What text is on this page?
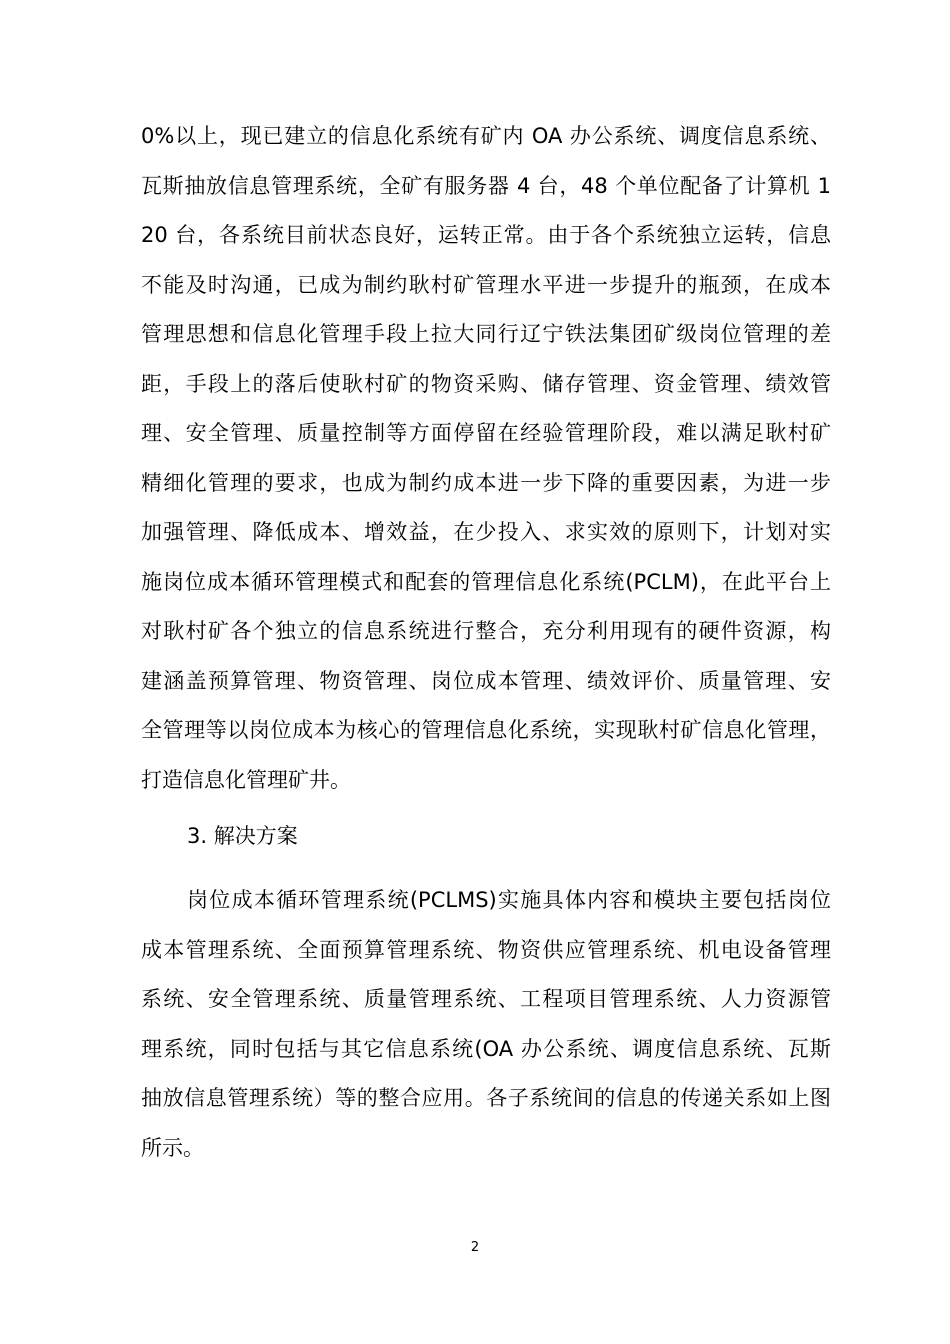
0%以上，现已建立的信息化系统有矿内 OA 办公系统、调度信息系统、
瓦斯抽放信息管理系统，全矿有服务器 4 台，48 个单位配备了计算机 1
20 台，各系统目前状态良好，运转正常。由于各个系统独立运转，信息
不能及时沟通，已成为制约耿村矿管理水平进一步提升的瓶颈，在成本
管理思想和信息化管理手段上拉大同行辽宁铁法集团矿级岗位管理的差
距，手段上的落后使耿村矿的物资采购、储存管理、资金管理、绩效管
理、安全管理、质量控制等方面停留在经验管理阶段，难以满足耿村矿
精细化管理的要求，也成为制约成本进一步下降的重要因素，为进一步
加强管理、降低成本、增效益，在少投入、求实效的原则下，计划对实
施岗位成本循环管理模式和配套的管理信息化系统(PCLM)，在此平台上
对耿村矿各个独立的信息系统进行整合，充分利用现有的硬件资源，构
建涵盖预算管理、物资管理、岗位成本管理、绩效评价、质量管理、安
全管理等以岗位成本为核心的管理信息化系统，实现耿村矿信息化管理，
打造信息化管理矿井。
3. 解决方案
岗位成本循环管理系统(PCLMS)实施具体内容和模块主要包括岗位
成本管理系统、全面预算管理系统、物资供应管理系统、机电设备管理
系统、安全管理系统、质量管理系统、工程项目管理系统、人力资源管
理系统，同时包括与其它信息系统(OA 办公系统、调度信息系统、瓦斯
抽放信息管理系统）等的整合应用。各子系统间的信息的传递关系如上图
所示。
2
